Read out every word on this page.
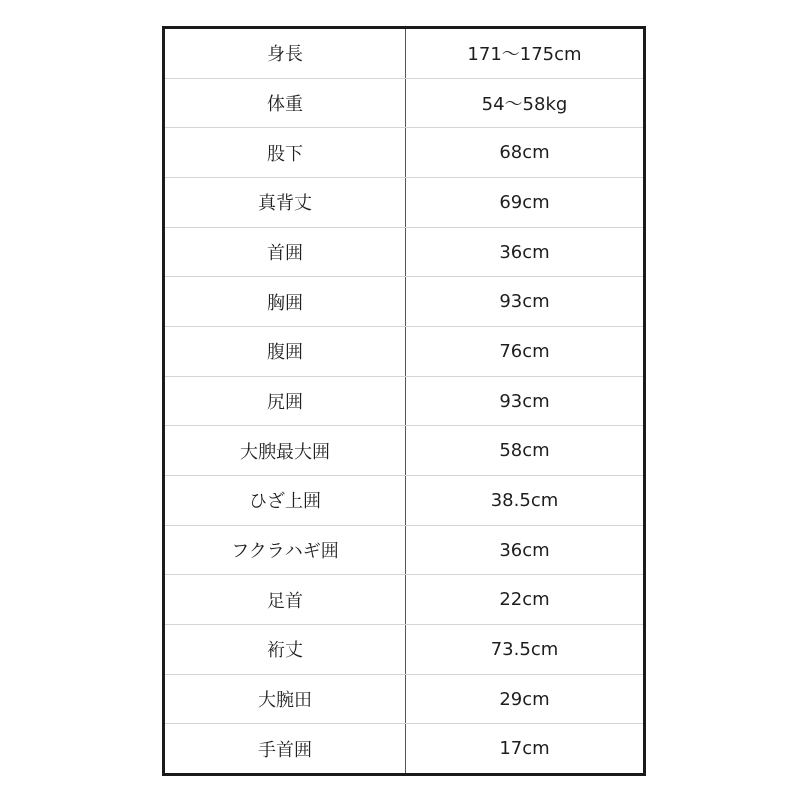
身長	171〜175cm
体重	54〜58kg
股下	68cm
真背丈	69cm
首囲	36cm
胸囲	93cm
腹囲	76cm
尻囲	93cm
大腴最大囲	58cm
ひざ上囲	38.5cm
フクラハギ囲	36cm
足首	22cm
裄丈	73.5cm
大腕田	29cm
手首囲	17cm
